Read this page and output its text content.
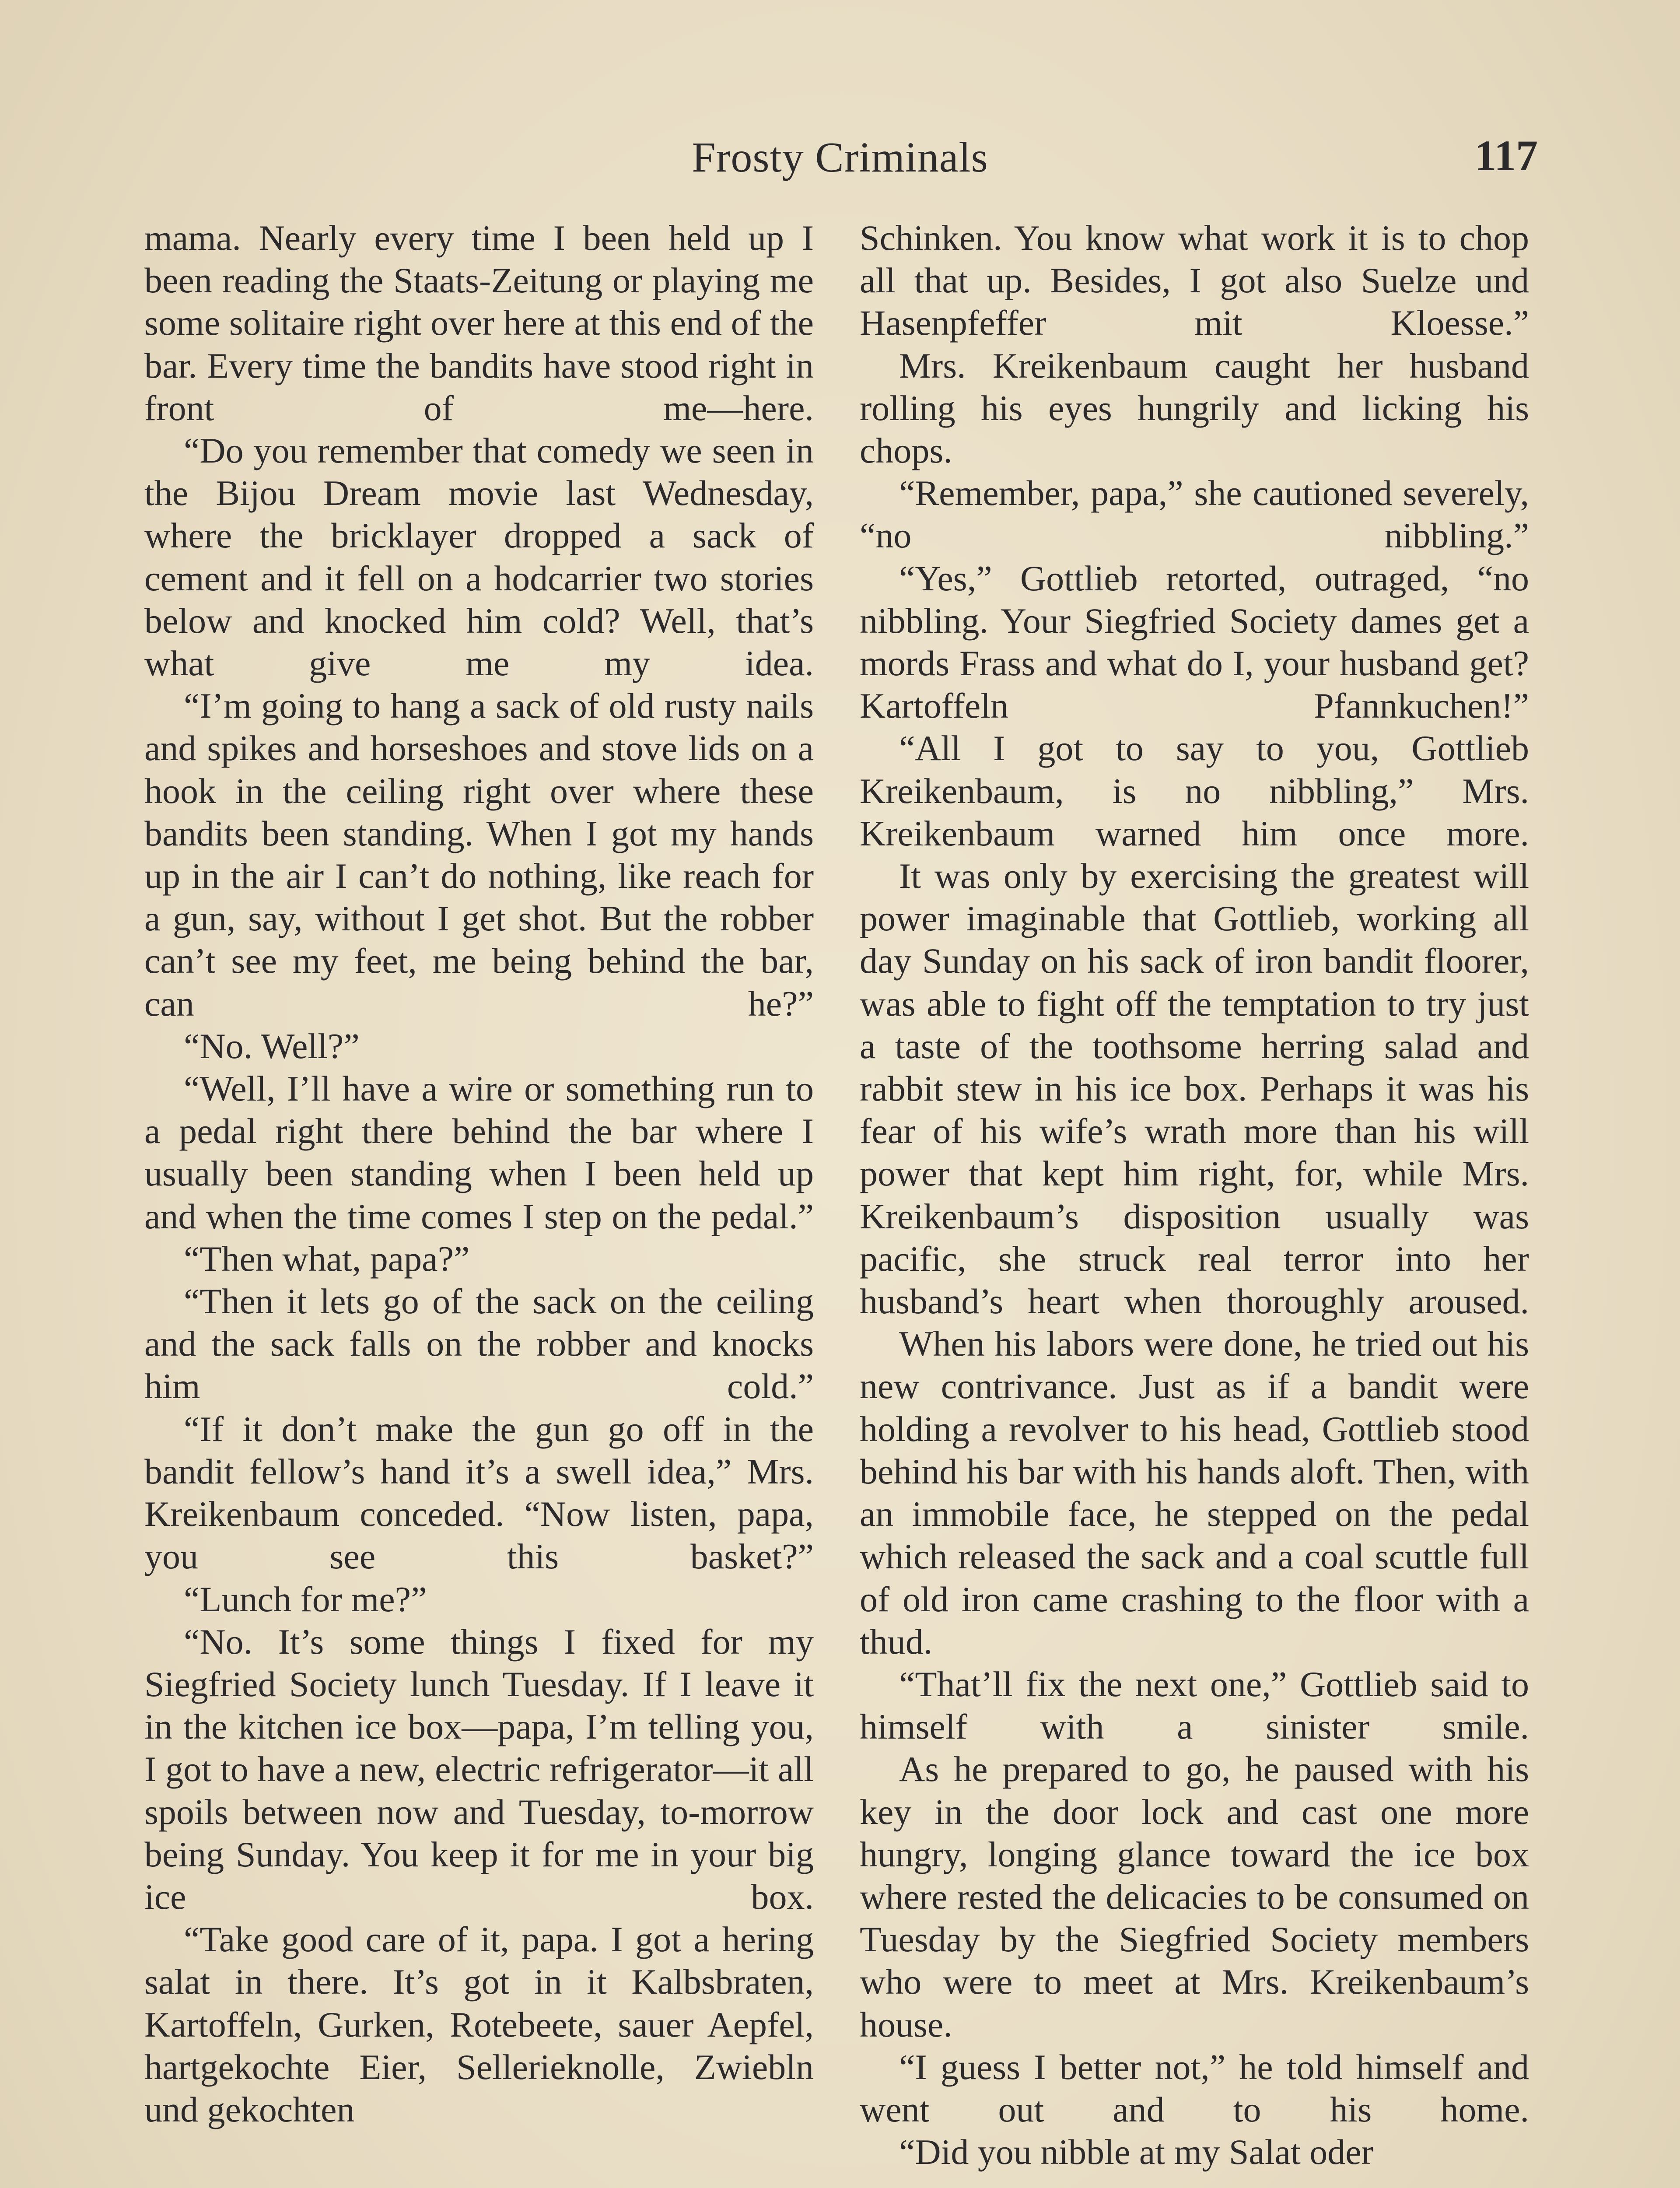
Frosty Criminals	117

mama. Nearly every time I been held up I been reading the Staats-Zeitung or playing me some solitaire right over here at this end of the bar. Every time the bandits have stood right in front of me—here.

“Do you remember that comedy we seen in the Bijou Dream movie last Wednesday, where the bricklayer dropped a sack of cement and it fell on a hodcarrier two stories below and knocked him cold? Well, that’s what give me my idea.

“I’m going to hang a sack of old rusty nails and spikes and horseshoes and stove lids on a hook in the ceiling right over where these bandits been standing. When I got my hands up in the air I can’t do nothing, like reach for a gun, say, without I get shot. But the robber can’t see my feet, me being behind the bar, can he?”

“No. Well?”

“Well, I’ll have a wire or something run to a pedal right there behind the bar where I usually been standing when I been held up and when the time comes I step on the pedal.”

“Then what, papa?”

“Then it lets go of the sack on the ceiling and the sack falls on the robber and knocks him cold.”

“If it don’t make the gun go off in the bandit fellow’s hand it’s a swell idea,” Mrs. Kreikenbaum conceded. “Now listen, papa, you see this basket?”

“Lunch for me?”

“No. It’s some things I fixed for my Siegfried Society lunch Tuesday. If I leave it in the kitchen ice box—papa, I’m telling you, I got to have a new, electric refrigerator—it all spoils between now and Tuesday, to-morrow being Sunday. You keep it for me in your big ice box.

“Take good care of it, papa. I got a hering salat in there. It’s got in it Kalbsbraten, Kartoffeln, Gurken, Rotebeete, sauer Aepfel, hartgekochte Eier, Sellerieknolle, Zwiebln und gekochten

Schinken. You know what work it is to chop all that up. Besides, I got also Suelze und Hasenpfeffer mit Kloesse.”

Mrs. Kreikenbaum caught her husband rolling his eyes hungrily and licking his chops.

“Remember, papa,” she cautioned severely, “no nibbling.”

“Yes,” Gottlieb retorted, outraged, “no nibbling. Your Siegfried Society dames get a mords Frass and what do I, your husband get? Kartoffeln Pfannkuchen!”

“All I got to say to you, Gottlieb Kreikenbaum, is no nibbling,” Mrs. Kreikenbaum warned him once more.

It was only by exercising the greatest will power imaginable that Gottlieb, working all day Sunday on his sack of iron bandit floorer, was able to fight off the temptation to try just a taste of the toothsome herring salad and rabbit stew in his ice box. Perhaps it was his fear of his wife’s wrath more than his will power that kept him right, for, while Mrs. Kreikenbaum’s disposition usually was pacific, she struck real terror into her husband’s heart when thoroughly aroused.

When his labors were done, he tried out his new contrivance. Just as if a bandit were holding a revolver to his head, Gottlieb stood behind his bar with his hands aloft. Then, with an immobile face, he stepped on the pedal which released the sack and a coal scuttle full of old iron came crashing to the floor with a thud.

“That’ll fix the next one,” Gottlieb said to himself with a sinister smile.

As he prepared to go, he paused with his key in the door lock and cast one more hungry, longing glance toward the ice box where rested the delicacies to be consumed on Tuesday by the Siegfried Society members who were to meet at Mrs. Kreikenbaum’s house.

“I guess I better not,” he told himself and went out and to his home.

“Did you nibble at my Salat oder
